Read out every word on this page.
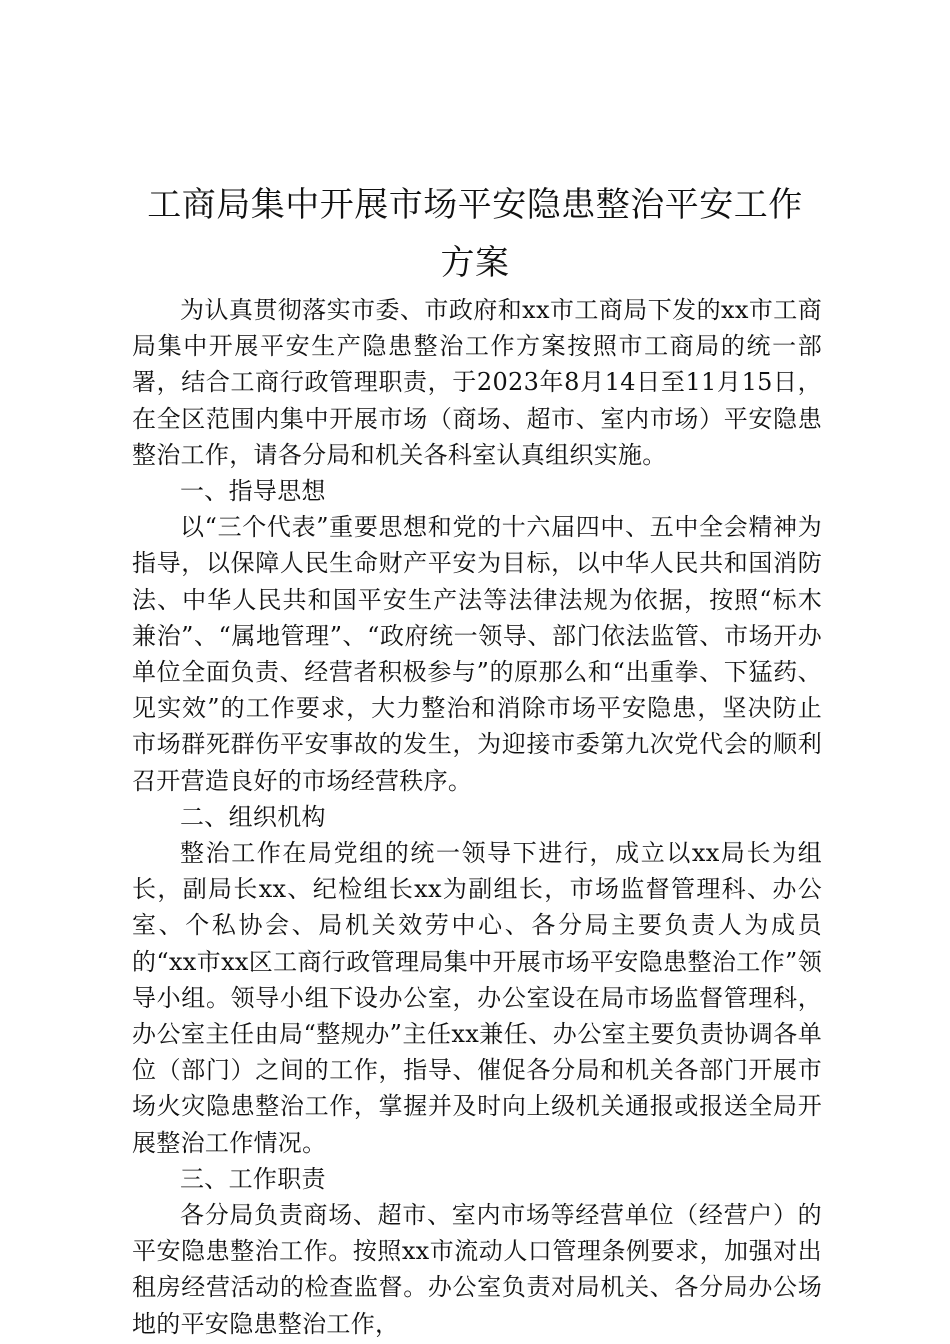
工商局集中开展市场平安隐患整治平安工作
方案

为认真贯彻落实市委、市政府和xx市工商局下发的xx市工商局集中开展平安生产隐患整治工作方案按照市工商局的统一部署，结合工商行政管理职责，于2023年8月14日至11月15日，在全区范围内集中开展市场（商场、超市、室内市场）平安隐患整治工作，请各分局和机关各科室认真组织实施。

一、指导思想

以“三个代表”重要思想和党的十六届四中、五中全会精神为指导，以保障人民生命财产平安为目标，以中华人民共和国消防法、中华人民共和国平安生产法等法律法规为依据，按照“标木兼治”、“属地管理”、“政府统一领导、部门依法监管、市场开办单位全面负责、经营者积极参与”的原那么和“出重拳、下猛药、见实效”的工作要求，大力整治和消除市场平安隐患，坚决防止市场群死群伤平安事故的发生，为迎接市委第九次党代会的顺利召开营造良好的市场经营秩序。

二、组织机构

整治工作在局党组的统一领导下进行，成立以xx局长为组长，副局长xx、纪检组长xx为副组长，市场监督管理科、办公室、个私协会、局机关效劳中心、各分局主要负责人为成员的“xx市xx区工商行政管理局集中开展市场平安隐患整治工作”领导小组。领导小组下设办公室，办公室设在局市场监督管理科，办公室主任由局“整规办”主任xx兼任、办公室主要负责协调各单位（部门）之间的工作，指导、催促各分局和机关各部门开展市场火灾隐患整治工作，掌握并及时向上级机关通报或报送全局开展整治工作情况。

三、工作职责

各分局负责商场、超市、室内市场等经营单位（经营户）的平安隐患整治工作。按照xx市流动人口管理条例要求，加强对出租房经营活动的检查监督。办公室负责对局机关、各分局办公场地的平安隐患整治工作，
